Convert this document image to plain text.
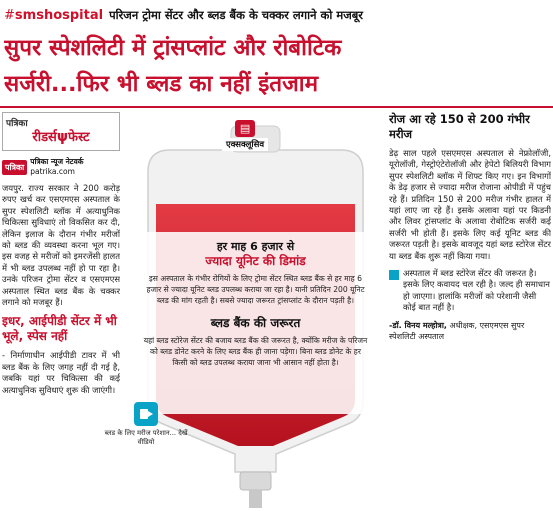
#smshospital परिजन ट्रोमा सेंटर और ब्लड बैंक के चक्कर लगाने को मजबूर
सुपर स्पेशलिटी में ट्रांसप्लांट और रोबोटिक
सर्जरी...फिर भी ब्लड का नहीं इंतजाम
पत्रिका
रीडर्सψफेस्ट
पत्रिका
पत्रिका न्यूज नेटवर्क
patrika.com

जयपुर. राज्य सरकार ने 200 करोड़ रुपए खर्च कर एसएमएस अस्पताल के सुपर स्पेशलिटी ब्लॉक में अत्याधुनिक चिकित्सा सुविधाएं तो विकसित कर दी, लेकिन इलाज के दौरान गंभीर मरीजों को ब्लड की व्यवस्था करना भूल गए। इस वजह से मरीजों को इमरजेंसी हालत में भी ब्लड उपलब्ध नहीं हो पा रहा है। उनके परिजन ट्रोमा सेंटर व एसएमएस अस्पताल स्थित ब्लड बैंक के चक्कर लगाने को मजबूर हैं।

इधर, आईपीडी सेंटर में भी भूले, स्पेस नहीं
- निर्माणाधीन आईपीडी टावर में भी ब्लड बैंक के लिए जगह नहीं दी गई है, जबकि यहां पर चिकित्सा की कई अत्याधुनिक सुविधाएं शुरू की जाएंगी।
▤
एक्सक्लूसिव
हर माह 6 हजार से
ज्यादा यूनिट की डिमांड
इस अस्पताल के गंभीर रोगियों के लिए ट्रोमा सेंटर स्थित ब्लड बैंक से हर माह 6 हजार से ज्यादा यूनिट ब्लड उपलब्ध कराया जा रहा है। यानी प्रतिदिन 200 यूनिट ब्लड की मांग रहती है। सबसे ज्यादा जरूरत ट्रांसप्लांट के दौरान पड़ती है।
ब्लड बैंक की जरूरत
यहां ब्लड स्टोरेज सेंटर की बजाय ब्लड बैंक की जरूरत है, क्योंकि मरीज के परिजन को ब्लड डोनेट करने के लिए ब्लड बैंक ही जाना पड़ेगा। बिना ब्लड डोनेट के हर किसी को ब्लड उपलब्ध कराया जाना भी आसान नहीं होता है।
ब्लड के लिए मरीज परेशान... देखें वीडियो
रोज आ रहे 150 से 200 गंभीर मरीज
डेढ़ साल पहले एसएमएस अस्पताल से नेफ्रोलॉजी, यूरोलॉजी, गेस्ट्रोएंटेरोलॉजी और हेपेटो बिलियरी विभाग सुपर स्पेशलिटी ब्लॉक में शिफ्ट किए गए। इन विभागों के डेढ़ हजार से ज्यादा मरीज रोजाना ओपीडी में पहुंच रहे हैं। प्रतिदिन 150 से 200 मरीज गंभीर हालत में यहां लाए जा रहे हैं। इसके अलावा यहां पर किडनी और लिवर ट्रांसप्लांट के अलावा रोबोटिक सर्जरी कई सर्जरी भी होती हैं। इसके लिए कई यूनिट ब्लड की जरूरत पड़ती है। इसके बावजूद यहां ब्लड स्टोरेज सेंटर या ब्लड बैंक शुरू नहीं किया गया।
अस्पताल में ब्लड स्टोरेज सेंटर की जरूरत है। इसके लिए कवायद चल रही है। जल्द ही समाधान हो जाएगा। हालांकि मरीजों को परेशानी जैसी कोई बात नहीं है।
-डॉ. विनय मल्होत्रा, अधीक्षक, एसएमएस सुपर स्पेशलिटी अस्पताल
